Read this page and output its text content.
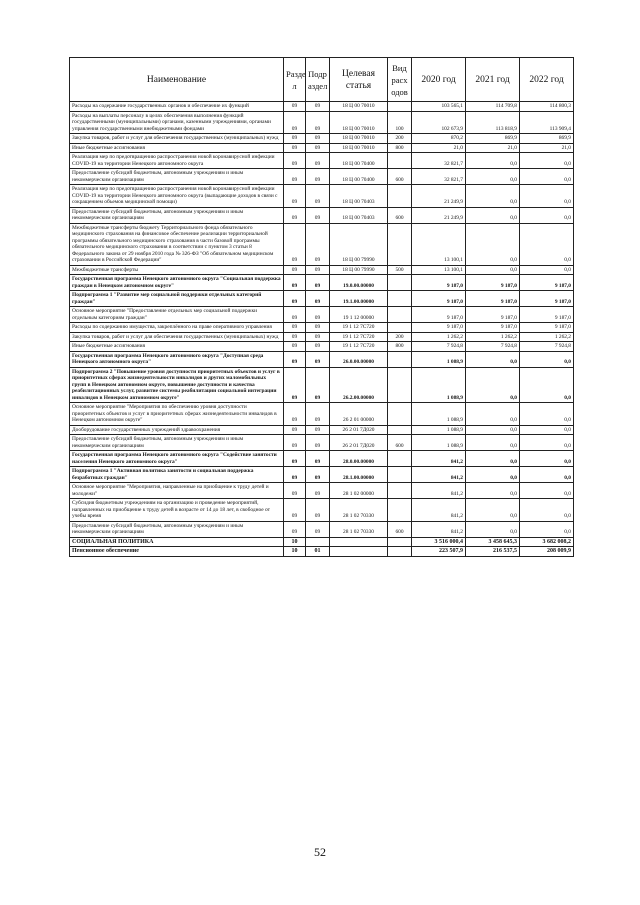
Наименование	Разде л	Подр аздел	Целевая статья	Вид расх одов	2020 год	2021 год	2022 год
Расходы на содержание государственных органов и обеспечение их функций	09	09	18 Ц 00 70010		103 565,1	114 709,8	114 800,3
Расходы на выплаты персоналу в целях обеспечения выполнения функций государственными (муниципальными) органами, казенными учреждениями, органами управления государственными внебюджетными фондами	09	09	18 Ц 00 70010	100	102 673,9	113 818,9	113 909,4
Закупка товаров, работ и услуг для обеспечения государственных (муниципальных) нужд	09	09	18 Ц 00 70010	200	870,2	869,9	869,9
Иные бюджетные ассигнования	09	09	18 Ц 00 70010	800	21,0	21,0	21,0
Реализация мер по предотвращению распространения новой коронавирусной инфекции COVID-19 на территории Ненецкого автономного округа	09	09	18 Ц 00 70400		32 821,7	0,0	0,0
Предоставление субсидий бюджетным, автономным учреждениям и иным некоммерческим организациям	09	09	18 Ц 00 70400	600	32 821,7	0,0	0,0
Реализация мер по предотвращению распространения новой коронавирусной инфекции COVID-19 на территории Ненецкого автономного округа (выпадающие доходов в связи с сокращением объемов медицинской помощи)	09	09	18 Ц 00 70403		21 249,9	0,0	0,0
Предоставление субсидий бюджетным, автономным учреждениям и иным некоммерческим организациям	09	09	18 Ц 00 70403	600	21 249,9	0,0	0,0
Межбюджетные трансферты бюджету Территориального фонда обязательного медицинского страхования на финансовое обеспечение реализации территориальной программы обязательного медицинского страхования в части базовой программы обязательного медицинского страхования в соответствии с пунктом 3 статьи 8 Федерального закона от 29 ноября 2010 года № 326-ФЗ "Об обязательном медицинском страховании в Российской Федерации"	09	09	18 Ц 00 79990		13 100,1	0,0	0,0
Межбюджетные трансферты	09	09	18 Ц 00 79990	500	13 100,1	0,0	0,0
Государственная программа Ненецкого автономного округа "Социальная поддержка граждан в Ненецком автономном округе"	09	09	19.0.00.00000		9 187,0	9 187,0	9 187,0
Подпрограмма 1 "Развитие мер социальной поддержки отдельных категорий граждан"	09	09	19.1.00.00000		9 187,0	9 187,0	9 187,0
Основное мероприятие "Предоставление отдельных мер социальной поддержки отдельным категориям граждан"	09	09	19 1 12 00000		9 187,0	9 187,0	9 187,0
Расходы по содержанию имущества, закреплённого на праве оперативного управления	09	09	19 1 12 7С720		9 187,0	9 187,0	9 187,0
Закупка товаров, работ и услуг для обеспечения государственных (муниципальных) нужд	09	09	19 1 12 7С720	200	1 262,2	1 262,2	1 262,2
Иные бюджетные ассигнования	09	09	19 1 12 7С720	800	7 924,8	7 924,8	7 924,8
Государственная программа Ненецкого автономного округа "Доступная среда Ненецкого автономного округа"	09	09	26.0.00.00000		1 088,9	0,0	0,0
Подпрограмма 2 "Повышение уровня доступности приоритетных объектов и услуг в приоритетных сферах жизнедеятельности инвалидов и других маломобильных групп в Ненецком автономном округе, повышение доступности и качества реабилитационных услуг, развитие системы реабилитации социальной интеграции инвалидов в Ненецком автономном округе"	09	09	26.2.00.00000		1 088,9	0,0	0,0
Основное мероприятие "Мероприятия по обеспечению уровня доступности приоритетных объектов и услуг в приоритетных сферах жизнедеятельности инвалидов в Ненецком автономном округе"	09	09	26 2 01 00000		1 088,9	0,0	0,0
Дооборудование государственных учреждений здравоохранения	09	09	26 2 01 7Д020		1 088,9	0,0	0,0
Предоставление субсидий бюджетным, автономным учреждениям и иным некоммерческим организациям	09	09	26 2 01 7Д020	600	1 088,9	0,0	0,0
Государственная программа Ненецкого автономного округа "Содействие занятости населения Ненецкого автономного округа"	09	09	28.0.00.00000		841,2	0,0	0,0
Подпрограмма 1 "Активная политика занятости и социальная поддержка безработных граждан"	09	09	28.1.00.00000		841,2	0,0	0,0
Основное мероприятие "Мероприятия, направленные на приобщение к труду детей и молодежи"	09	09	28 1 02 00000		841,2	0,0	0,0
Субсидия бюджетным учреждениям на организацию и проведение мероприятий, направленных на приобщение к труду детей в возрасте от 14 до 18 лет, в свободное от учебы время	09	09	28 1 02 70330		841,2	0,0	0,0
Предоставление субсидий бюджетным, автономным учреждениям и иным некоммерческим организациям	09	09	28 1 02 70330	600	841,2	0,0	0,0
СОЦИАЛЬНАЯ ПОЛИТИКА	10				3 516 000,4	3 458 645,3	3 682 008,2
Пенсионное обеспечение	10	01			223 507,9	216 537,5	208 009,9
52
